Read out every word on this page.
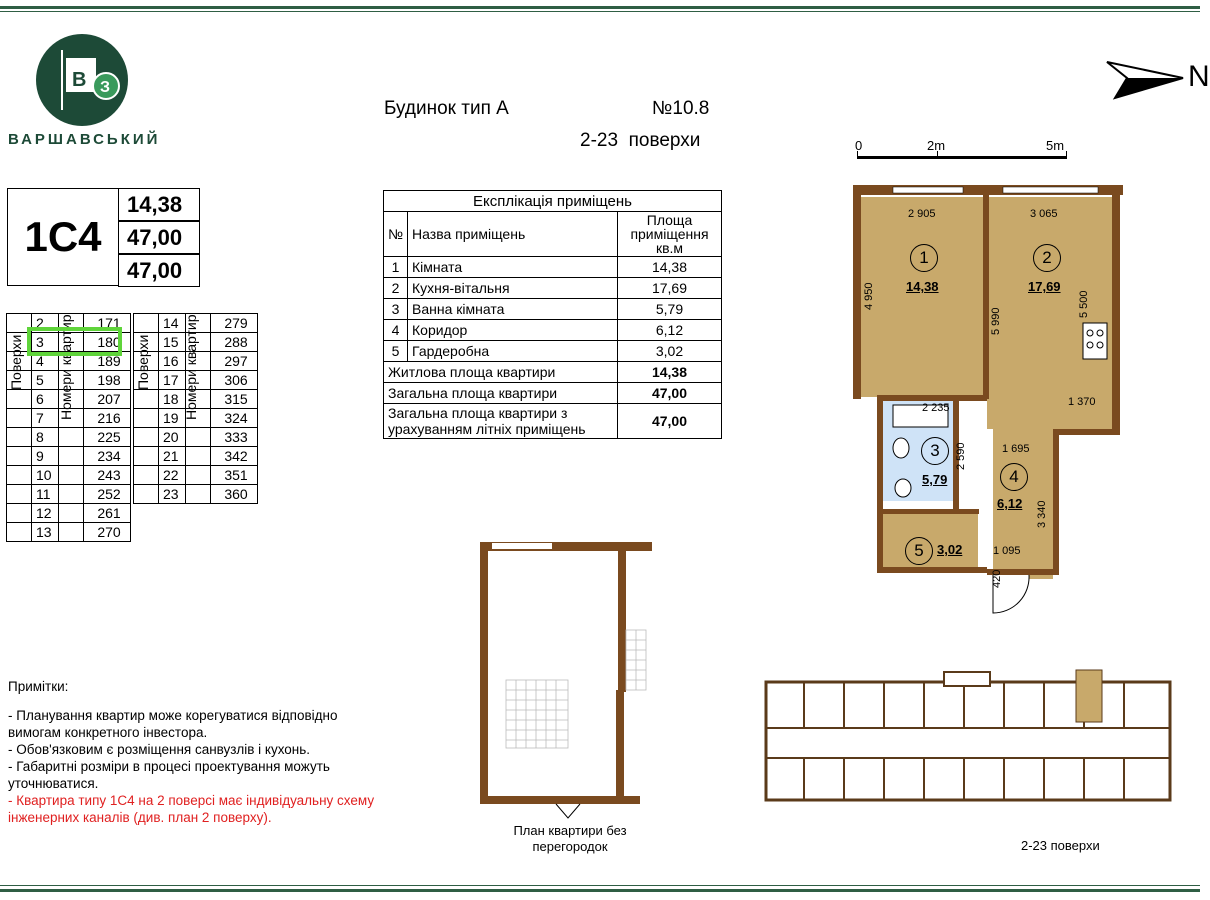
В З
ВАРШАВСЬКИЙ
Будинок тип А	№10.8
2-23  поверхи
1С4
14,38
47,00
47,00
Поверхи Номери квартир	Поверхи Номери квартир
Експлікація приміщень		
№	Назва приміщень	Площа приміщення кв.м
1	Кімната	14,38
2	Кухня-вітальня	17,69
3	Ванна кімната	5,79
4	Коридор	6,12
5	Гардеробна	3,02
Житлова площа квартири		14,38
Загальна площа квартири		47,00
Загальна площа квартири з урахуванням літніх приміщень		47,00
N
0	2m	5m
2 905	3 065
4 950
5 990
5 500
2 235
2 590	1 695
1 370
3 340
1 095
420
1
14,38
2
17,69
3
5,79	4
6,12
5	3,02
План квартири без перегородок	2-23 поверхи
Примітки:
- Планування квартир може корегуватися відповідно вимогам конкретного інвестора.
- Обов'язковим є розміщення санвузлів і кухонь.
- Габаритні розміри в процесі проектування можуть уточнюватися.
- Квартира типу 1С4 на 2 поверсі має індивідуальну схему інженерних каналів (див. план 2 поверху).
	2		171
	3		180
	4		189
	5		198
	6		207
	7		216
	8		225
	9		234
	10		243
	11		252
	12		261
	13		270
	14		279
	15		288
	16		297
	17		306
	18		315
	19		324
	20		333
	21		342
	22		351
	23		360
